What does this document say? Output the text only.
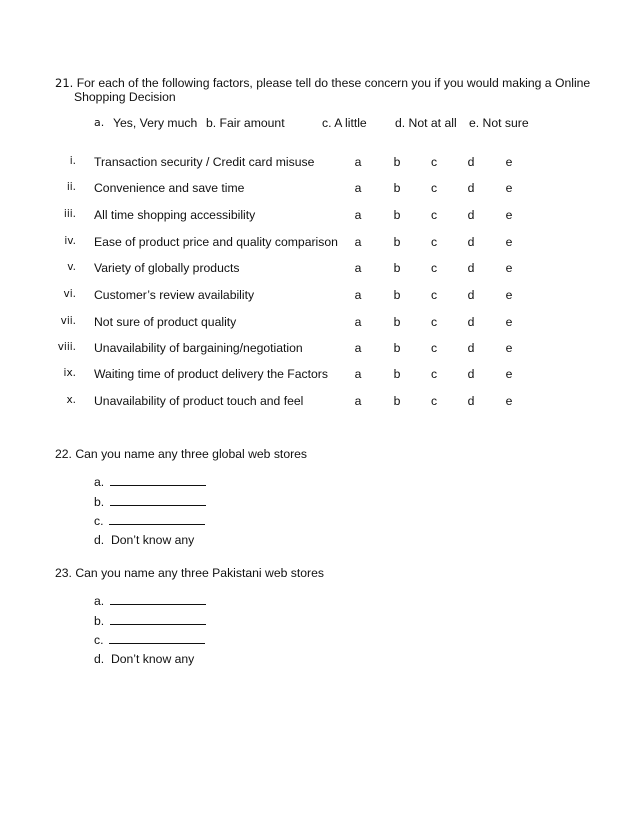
21. For each of the following factors, please tell do these concern you if you would making a Online
Shopping Decision
a. Yes, Very much b. Fair amount	c. A little d. Not at all e. Not sure
i. Transaction security / Credit card misuse	a	b	c	d	e
ii. Convenience and save time	a	b	c	d	e
iii. All time shopping accessibility	a	b	c	d	e
iv. Ease of product price and quality comparison a	b	c	d	e
v. Variety of globally products	a	b	c	d	e
vi. Customer’s review availability	a	b	c	d	e
vii. Not sure of product quality	a	b	c	d	e
viii. Unavailability of bargaining/negotiation	a	b	c	d	e
ix. Waiting time of product delivery the Factors a	b	c	d	e
x. Unavailability of product touch and feel	a	b	c	d	e
22. Can you name any three global web stores
a.
b.
c.
d. Don’t know any
23. Can you name any three Pakistani web stores
a.
b.
c.
d. Don’t know any
